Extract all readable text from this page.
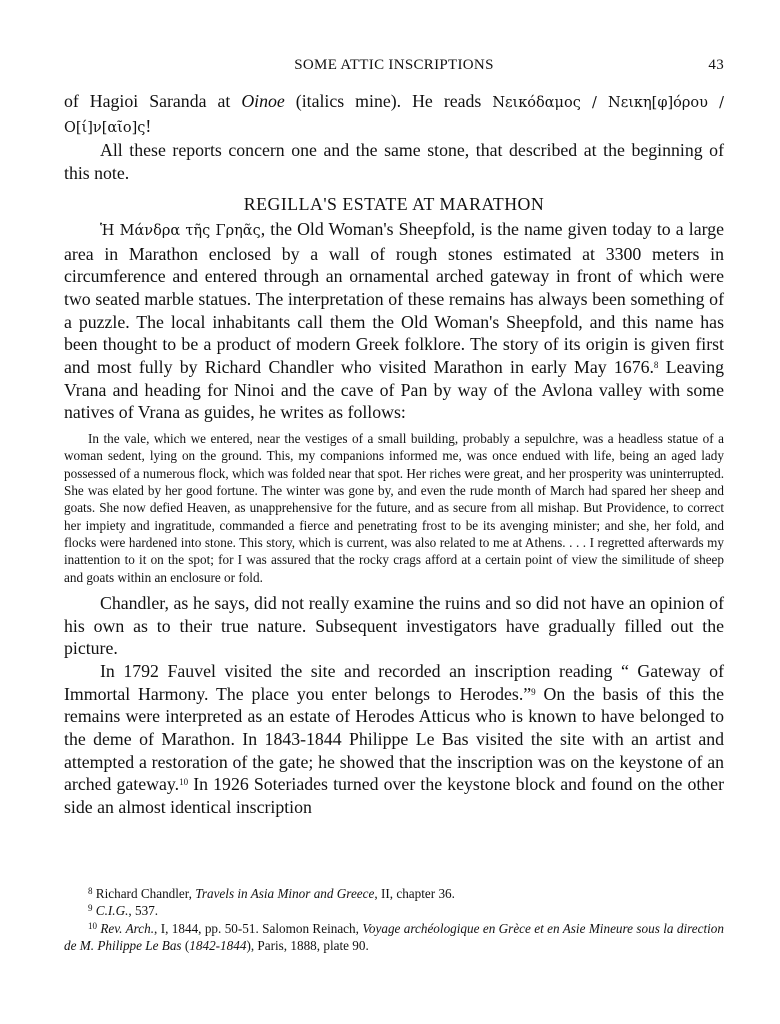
SOME ATTIC INSCRIPTIONS	43

of Hagioi Saranda at Oinoe (italics mine). He reads Νεικόδαμος / Νεικη[φ]όρου / O[ί]ν[αῖο]ς!

All these reports concern one and the same stone, that described at the beginning of this note.

REGILLA'S ESTATE AT MARATHON

Ἡ Μάνδρα τῆς Γρηᾶς, the Old Woman's Sheepfold, is the name given today to a large area in Marathon enclosed by a wall of rough stones estimated at 3300 meters in circumference and entered through an ornamental arched gateway in front of which were two seated marble statues. The interpretation of these remains has always been something of a puzzle. The local inhabitants call them the Old Woman's Sheepfold, and this name has been thought to be a product of modern Greek folklore. The story of its origin is given first and most fully by Richard Chandler who visited Marathon in early May 1676.$^8$ Leaving Vrana and heading for Ninoi and the cave of Pan by way of the Avlona valley with some natives of Vrana as guides, he writes as follows:

In the vale, which we entered, near the vestiges of a small building, probably a sepulchre, was a headless statue of a woman sedent, lying on the ground. This, my companions informed me, was once endued with life, being an aged lady possessed of a numerous flock, which was folded near that spot. Her riches were great, and her prosperity was uninterrupted. She was elated by her good fortune. The winter was gone by, and even the rude month of March had spared her sheep and goats. She now defied Heaven, as unapprehensive for the future, and as secure from all mishap. But Providence, to correct her impiety and ingratitude, commanded a fierce and penetrating frost to be its avenging minister; and she, her fold, and flocks were hardened into stone. This story, which is current, was also related to me at Athens. . . . I regretted afterwards my inattention to it on the spot; for I was assured that the rocky crags afford at a certain point of view the similitude of sheep and goats within an enclosure or fold.

Chandler, as he says, did not really examine the ruins and so did not have an opinion of his own as to their true nature. Subsequent investigators have gradually filled out the picture.

In 1792 Fauvel visited the site and recorded an inscription reading “ Gateway of Immortal Harmony. The place you enter belongs to Herodes.”$^9$ On the basis of this the remains were interpreted as an estate of Herodes Atticus who is known to have belonged to the deme of Marathon. In 1843-1844 Philippe Le Bas visited the site with an artist and attempted a restoration of the gate; he showed that the inscription was on the keystone of an arched gateway.$^{10}$ In 1926 Soteriades turned over the keystone block and found on the other side an almost identical inscription

$^8$ Richard Chandler, Travels in Asia Minor and Greece, II, chapter 36.

$^9$ C.I.G., 537.

$^{10}$ Rev. Arch., I, 1844, pp. 50-51. Salomon Reinach, Voyage archéologique en Grèce et en Asie Mineure sous la direction de M. Philippe Le Bas (1842-1844), Paris, 1888, plate 90.
